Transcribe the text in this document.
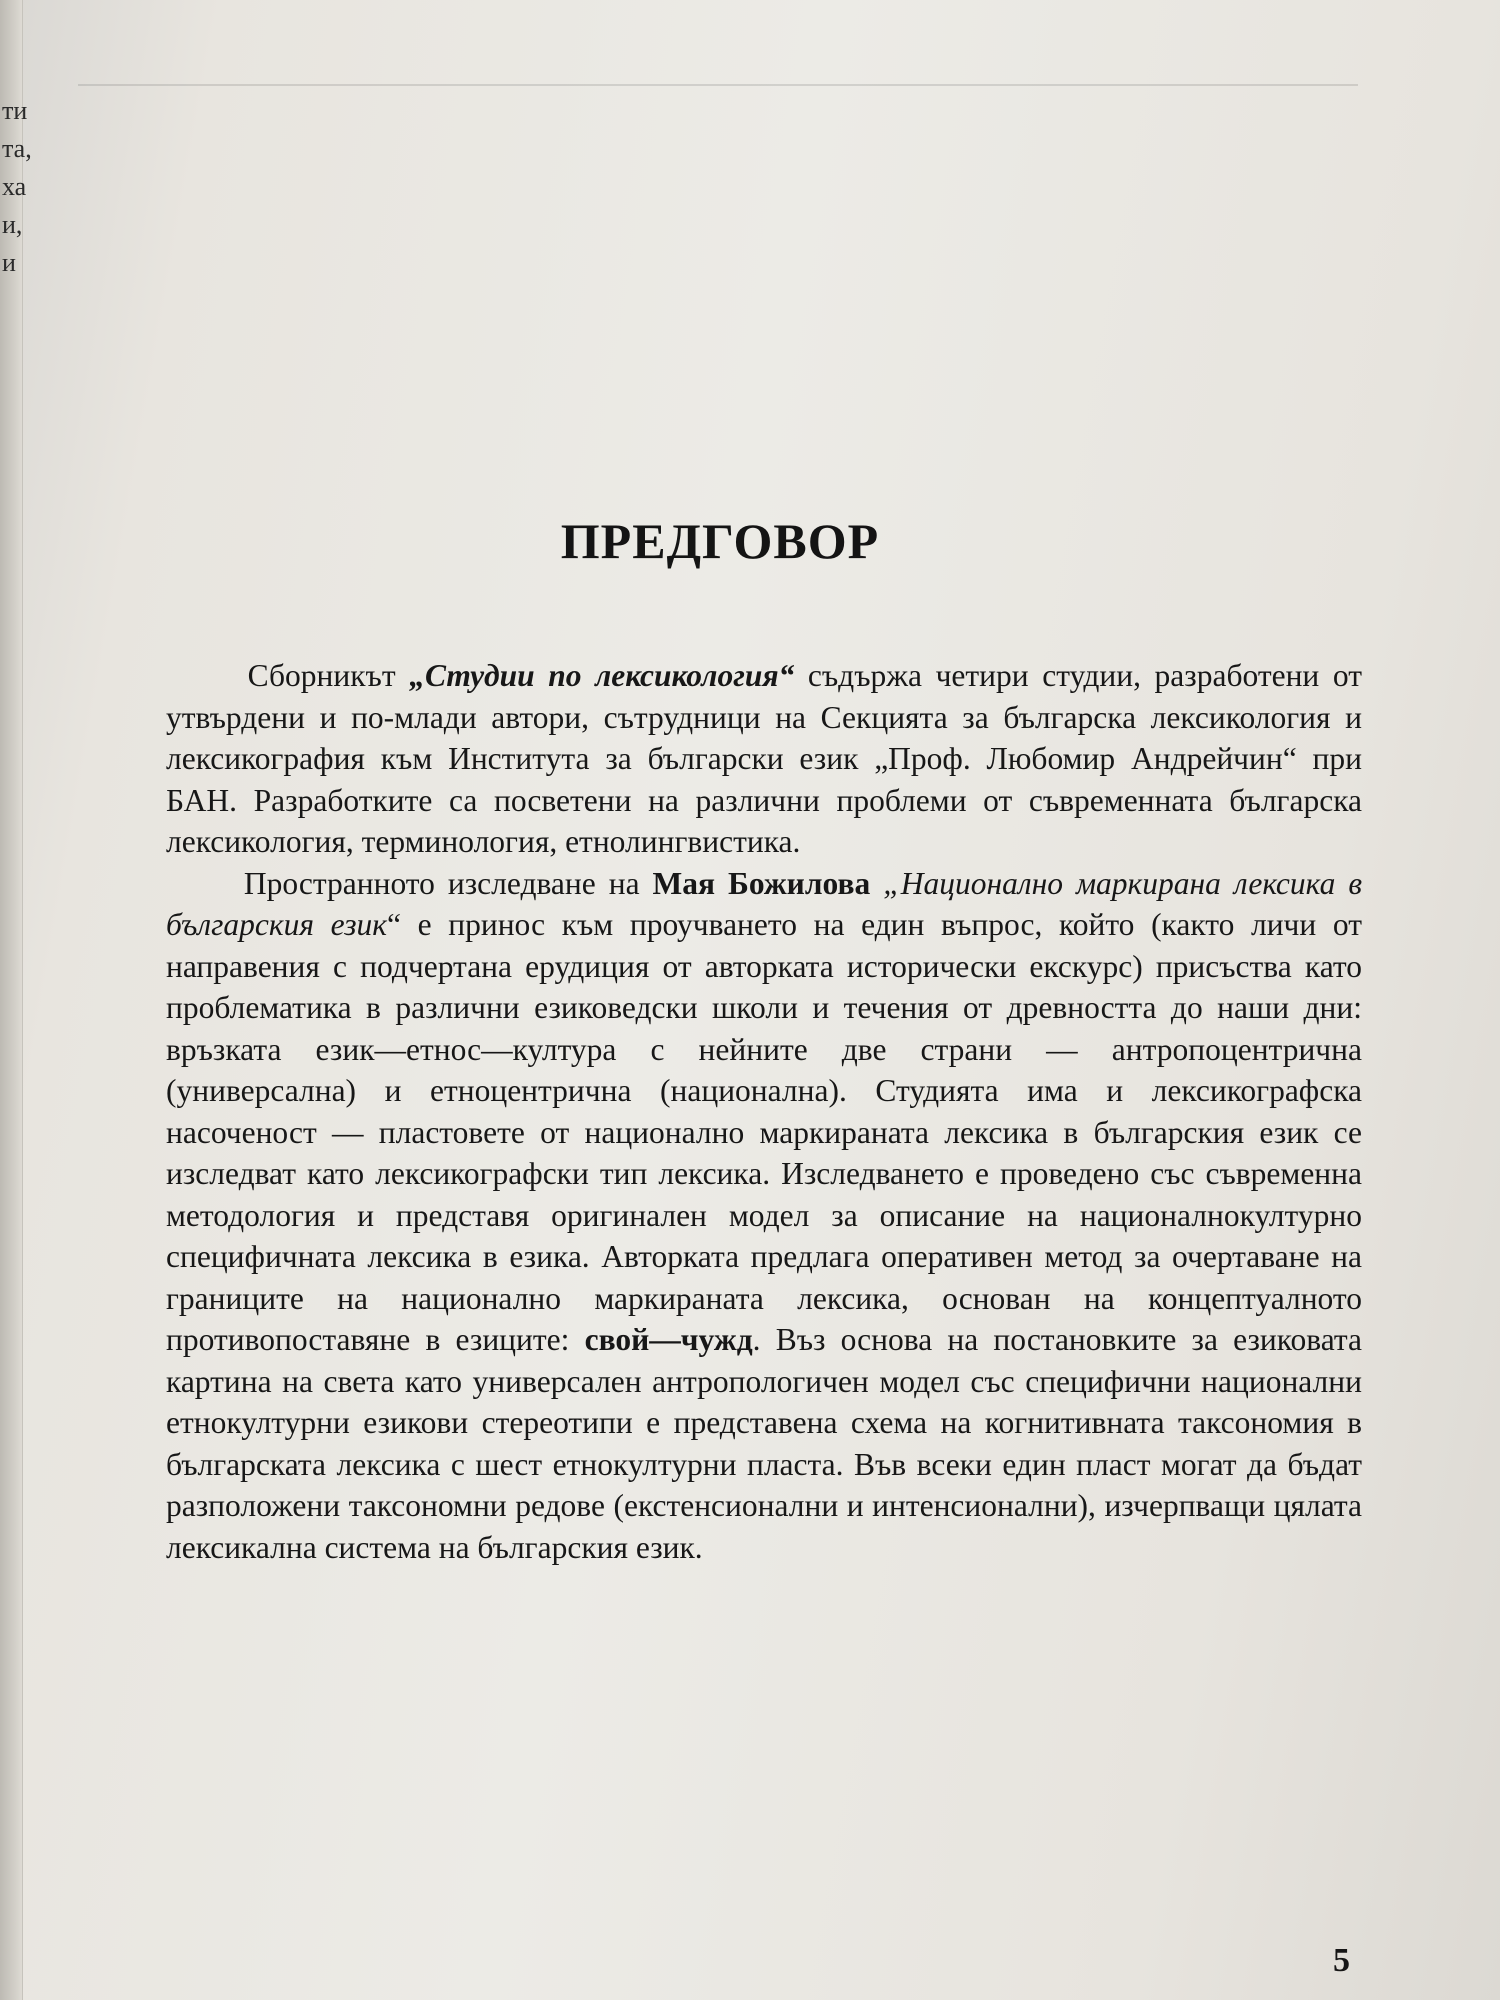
ти
та,
ха
и,
и
ПРЕДГОВОР

Сборникът „Студии по лексикология“ съдържа четири студии, разработени от утвърдени и по-млади автори, сътрудници на Секцията за българска лексикология и лексикография към Института за български език „Проф. Любомир Андрейчин“ при БАН. Разработките са посветени на различни проблеми от съвременната българска лексикология, терминология, етнолингвистика.

Пространното изследване на Мая Божилова „Национално маркирана лексика в българския език“ е принос към проучването на един въпрос, който (както личи от направения с подчертана ерудиция от авторката исторически екскурс) присъства като проблематика в различни езиковедски школи и течения от древността до наши дни: връзката език—етнос—култура с нейните две страни — антропоцентрична (универсална) и етноцентрична (национална). Студията има и лексикографска насоченост — пластовете от национално маркираната лексика в българския език се изследват като лексикографски тип лексика. Изследването е проведено със съвременна методология и представя оригинален модел за описание на националнокултурно специфичната лексика в езика. Авторката предлага оперативен метод за очертаване на границите на национално маркираната лексика, основан на концептуалното противопоставяне в езиците: свой—чужд. Въз основа на постановките за езиковата картина на света като универсален антропологичен модел със специфични национални етнокултурни езикови стереотипи е представена схема на когнитивната таксономия в българската лексика с шест етнокултурни пласта. Във всеки един пласт могат да бъдат разположени таксономни редове (екстенсионални и интенсионални), изчерпващи цялата лексикална система на българския език.

5
